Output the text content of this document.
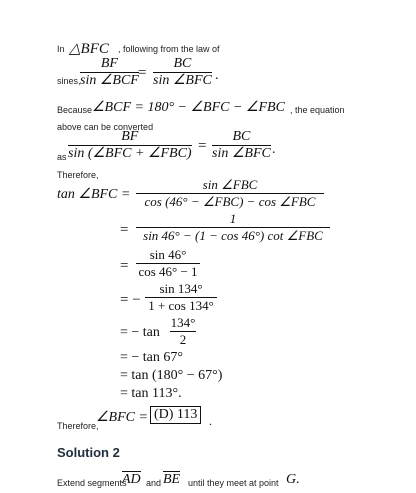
In △BFC , following from the law of
sines,
BF
sin ∠BCF =
BC
sin ∠BFC .
Because ∠BCF = 180° − ∠BFC − ∠FBC , the equation
above can be converted
as
BF
sin (∠BFC + ∠FBC) =
BC
sin ∠BFC .
Therefore,
tan ∠BFC =
sin ∠FBC
cos (46° − ∠FBC) − cos ∠FBC
=
1
sin 46° − (1 − cos 46°) cot ∠FBC
=
sin 46°
cos 46° − 1
= −
sin 134°
1 + cos 134°
= − tan
134°
2
= − tan 67°
= tan (180° − 67°)
= tan 113°.
Therefore,
∠BFC = (D) 113 .
Solution 2
Extend segments
AD and BE until they meet at point G .
